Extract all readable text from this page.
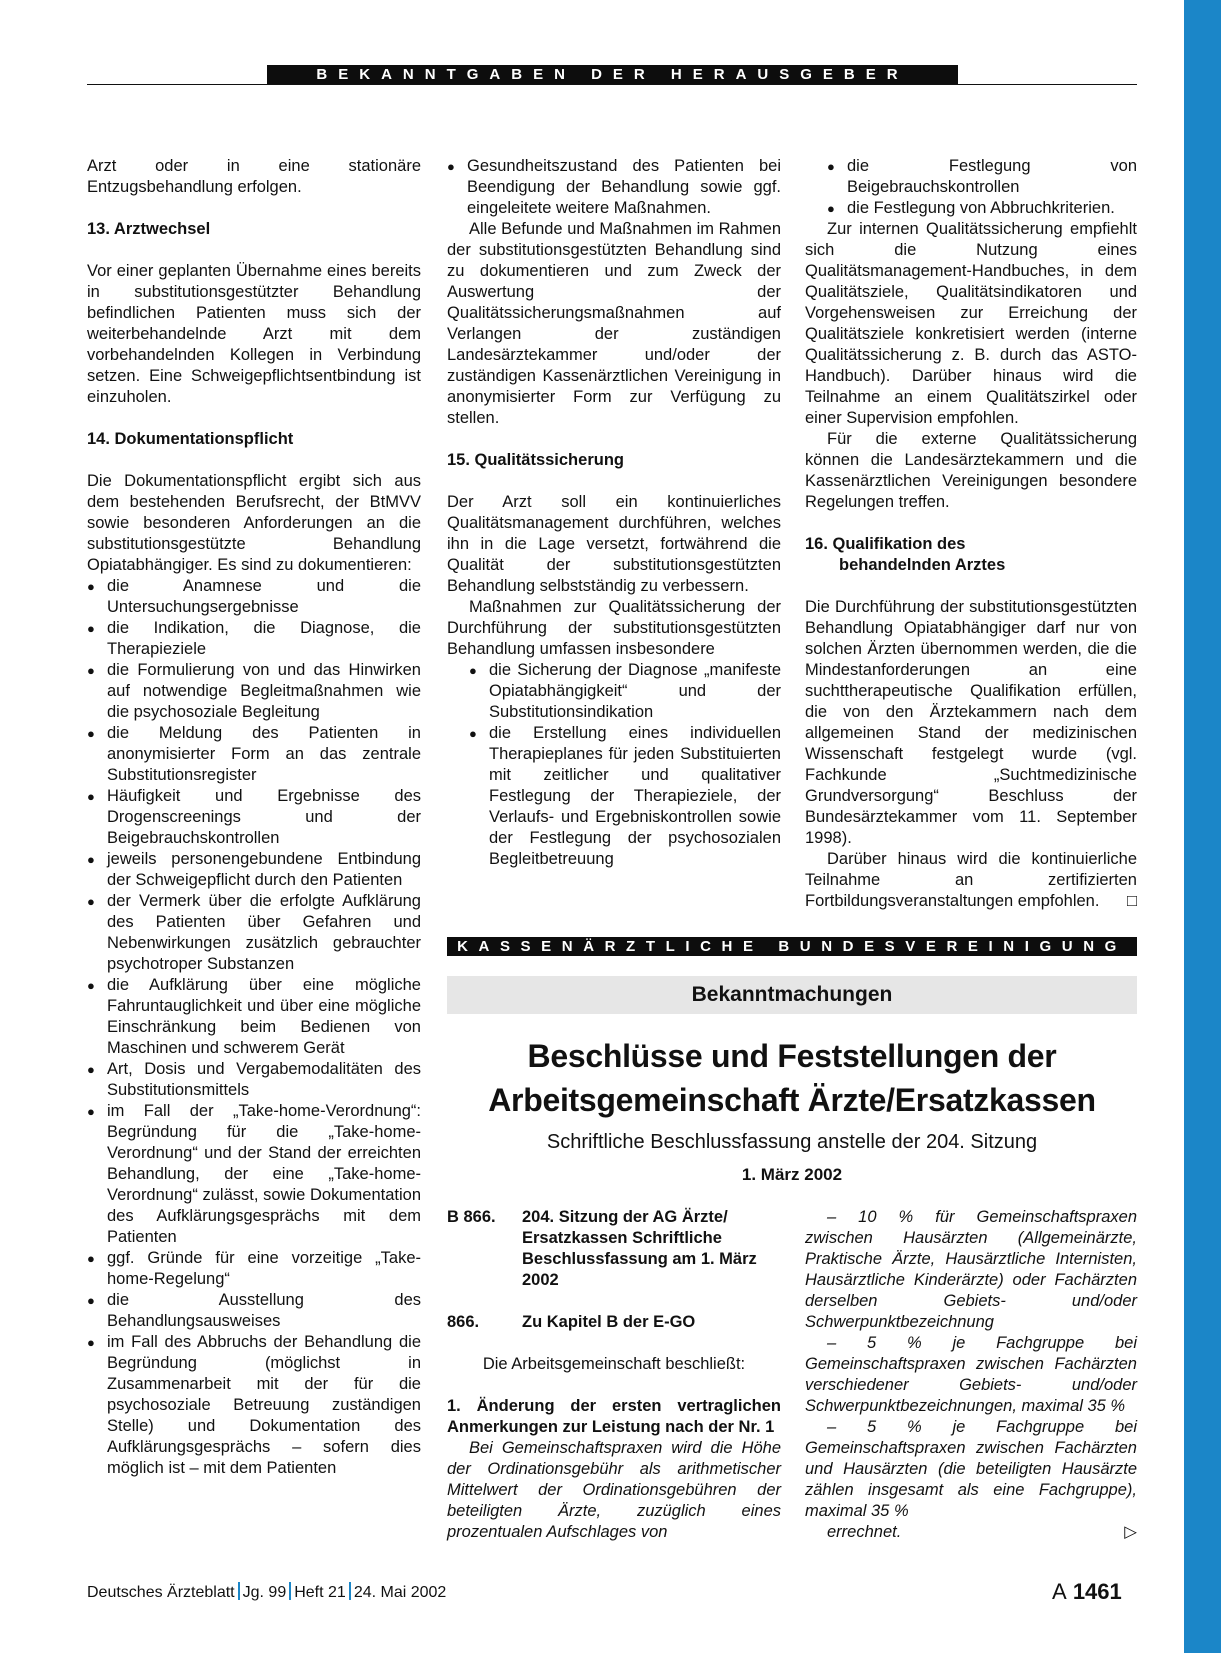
BEKANNTGABEN DER HERAUSGEBER

Arzt oder in eine stationäre Entzugsbehandlung erfolgen.

13. Arztwechsel

Vor einer geplanten Übernahme eines bereits in substitutionsgestützter Behandlung befindlichen Patienten muss sich der weiterbehandelnde Arzt mit dem vorbehandelnden Kollegen in Verbindung setzen. Eine Schweigepflichtsentbindung ist einzuholen.

14. Dokumentationspflicht

Die Dokumentationspflicht ergibt sich aus dem bestehenden Berufsrecht, der BtMVV sowie besonderen Anforderungen an die substitutionsgestützte Behandlung Opiatabhängiger. Es sind zu dokumentieren:

● die Anamnese und die Untersuchungsergebnisse
● die Indikation, die Diagnose, die Therapieziele
● die Formulierung von und das Hinwirken auf notwendige Begleitmaßnahmen wie die psychosoziale Begleitung
● die Meldung des Patienten in anonymisierter Form an das zentrale Substitutionsregister
● Häufigkeit und Ergebnisse des Drogenscreenings und der Beigebrauchskontrollen
● jeweils personengebundene Entbindung der Schweigepflicht durch den Patienten
● der Vermerk über die erfolgte Aufklärung des Patienten über Gefahren und Nebenwirkungen zusätzlich gebrauchter psychotroper Substanzen
● die Aufklärung über eine mögliche Fahruntauglichkeit und über eine mögliche Einschränkung beim Bedienen von Maschinen und schwerem Gerät
● Art, Dosis und Vergabemodalitäten des Substitutionsmittels
● im Fall der „Take-home-Verordnung“: Begründung für die „Take-home-Verordnung“ und der Stand der erreichten Behandlung, der eine „Take-home-Verordnung“ zulässt, sowie Dokumentation des Aufklärungsgesprächs mit dem Patienten
● ggf. Gründe für eine vorzeitige „Take-home-Regelung“
● die Ausstellung des Behandlungsausweises
● im Fall des Abbruchs der Behandlung die Begründung (möglichst in Zusammenarbeit mit der für die psychosoziale Betreuung zuständigen Stelle) und Dokumentation des Aufklärungsgesprächs – sofern dies möglich ist – mit dem Patienten
● Gesundheitszustand des Patienten bei Beendigung der Behandlung sowie ggf. eingeleitete weitere Maßnahmen.

Alle Befunde und Maßnahmen im Rahmen der substitutionsgestützten Behandlung sind zu dokumentieren und zum Zweck der Auswertung der Qualitätssicherungsmaßnahmen auf Verlangen der zuständigen Landesärztekammer und/oder der zuständigen Kassenärztlichen Vereinigung in anonymisierter Form zur Verfügung zu stellen.

15. Qualitätssicherung

Der Arzt soll ein kontinuierliches Qualitätsmanagement durchführen, welches ihn in die Lage versetzt, fortwährend die Qualität der substitutionsgestützten Behandlung selbstständig zu verbessern.

Maßnahmen zur Qualitätssicherung der Durchführung der substitutionsgestützten Behandlung umfassen insbesondere

● die Sicherung der Diagnose „manifeste Opiatabhängigkeit“ und der Substitutionsindikation
● die Erstellung eines individuellen Therapieplanes für jeden Substituierten mit zeitlicher und qualitativer Festlegung der Therapieziele, der Verlaufs- und Ergebniskontrollen sowie der Festlegung der psychosozialen Begleitbetreuung
● die Festlegung von Beigebrauchskontrollen
● die Festlegung von Abbruchkriterien.

Zur internen Qualitätssicherung empfiehlt sich die Nutzung eines Qualitätsmanagement-Handbuches, in dem Qualitätsziele, Qualitätsindikatoren und Vorgehensweisen zur Erreichung der Qualitätsziele konkretisiert werden (interne Qualitätssicherung z. B. durch das ASTO-Handbuch). Darüber hinaus wird die Teilnahme an einem Qualitätszirkel oder einer Supervision empfohlen.

Für die externe Qualitätssicherung können die Landesärztekammern und die Kassenärztlichen Vereinigungen besondere Regelungen treffen.

16. Qualifikation des
behandelnden Arztes

Die Durchführung der substitutionsgestützten Behandlung Opiatabhängiger darf nur von solchen Ärzten übernommen werden, die die Mindestanforderungen an eine suchttherapeutische Qualifikation erfüllen, die von den Ärztekammern nach dem allgemeinen Stand der medizinischen Wissenschaft festgelegt wurde (vgl. Fachkunde „Suchtmedizinische Grundversorgung“ Beschluss der Bundesärztekammer vom 11. September 1998).

Darüber hinaus wird die kontinuierliche Teilnahme an zertifizierten Fortbildungsveranstaltungen empfohlen.	□

KASSENÄRZTLICHE BUNDESVEREINIGUNG
Bekanntmachungen
Beschlüsse und Feststellungen der
Arbeitsgemeinschaft Ärzte/Ersatzkassen
Schriftliche Beschlussfassung anstelle der 204. Sitzung
1. März 2002
B 866.	204. Sitzung der AG Ärzte/ Ersatzkassen Schriftliche Beschlussfassung am 1. März 2002
866.	Zu Kapitel B der E-GO

Die Arbeitsgemeinschaft beschließt:

1. Änderung der ersten vertraglichen Anmerkungen zur Leistung nach der Nr. 1

Bei Gemeinschaftspraxen wird die Höhe der Ordinationsgebühr als arithmetischer Mittelwert der Ordinationsgebühren der beteiligten Ärzte, zuzüglich eines prozentualen Aufschlages von

– 10 % für Gemeinschaftspraxen zwischen Hausärzten (Allgemeinärzte, Praktische Ärzte, Hausärztliche Internisten, Hausärztliche Kinderärzte) oder Fachärzten derselben Gebiets- und/oder Schwerpunktbezeichnung

– 5 % je Fachgruppe bei Gemeinschaftspraxen zwischen Fachärzten verschiedener Gebiets- und/oder Schwerpunktbezeichnungen, maximal 35 %

– 5 % je Fachgruppe bei Gemeinschaftspraxen zwischen Fachärzten und Hausärzten (die beteiligten Hausärzte zählen insgesamt als eine Fachgruppe), maximal 35 %

errechnet.	▷

Deutsches Ärzteblatt Jg. 99 Heft 21 24. Mai 2002	A 1461
